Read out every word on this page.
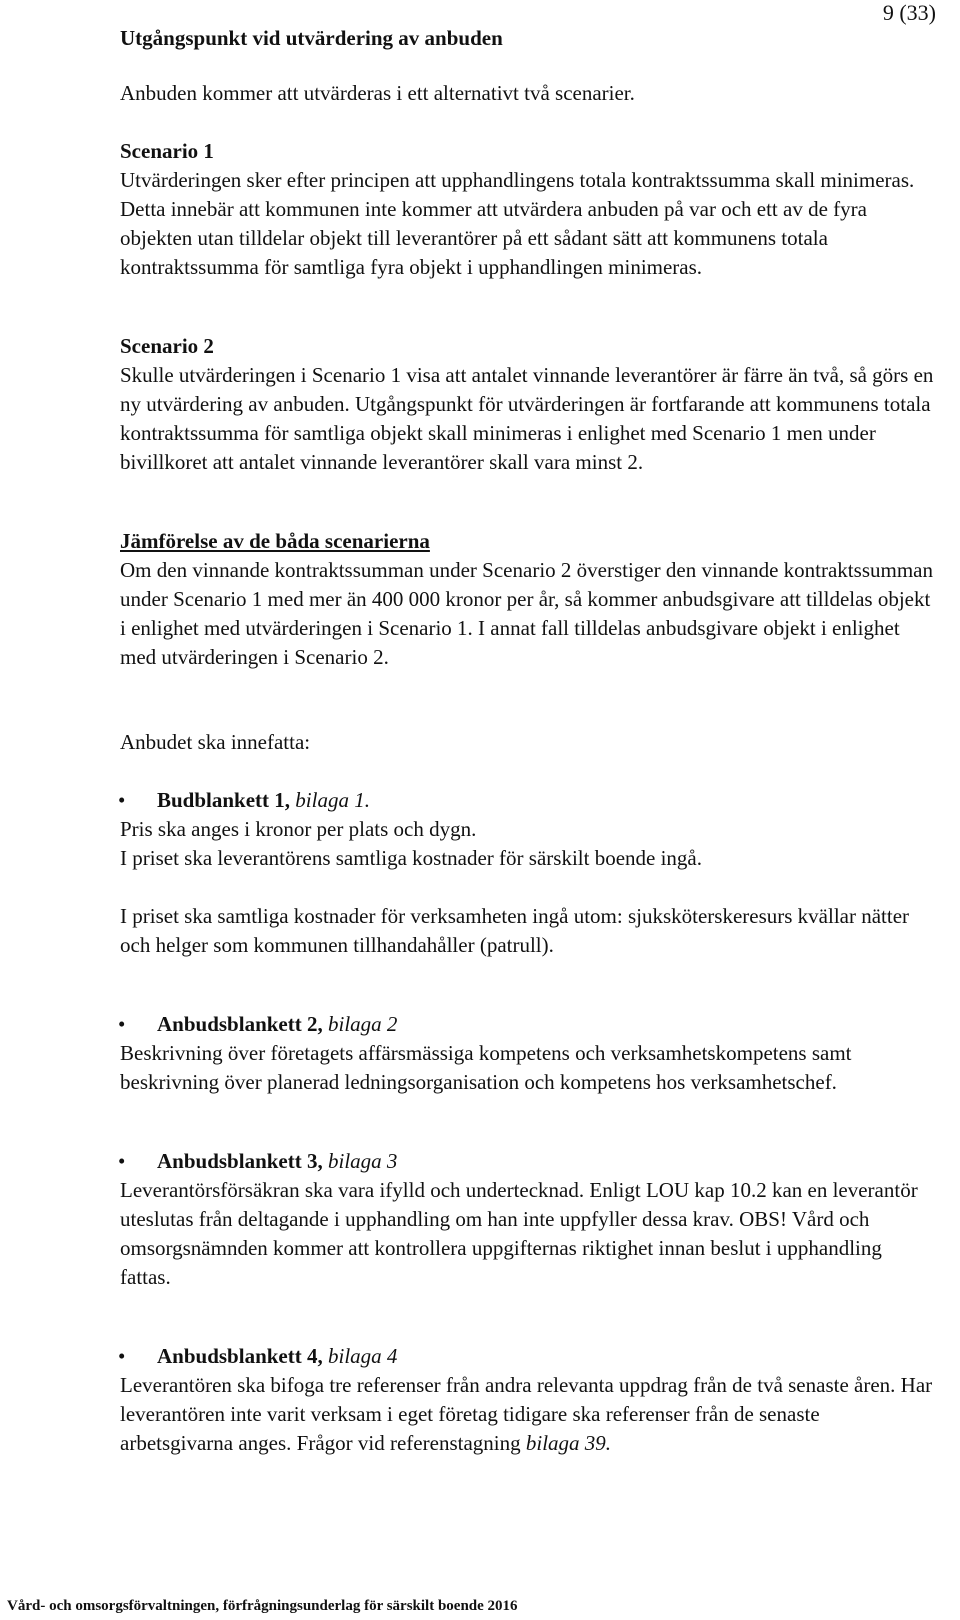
9 (33)

Utgångspunkt vid utvärdering av anbuden

Anbuden kommer att utvärderas i ett alternativt två scenarier.

Scenario 1

Utvärderingen sker efter principen att upphandlingens totala kontraktssumma skall minimeras. Detta innebär att kommunen inte kommer att utvärdera anbuden på var och ett av de fyra objekten utan tilldelar objekt till leverantörer på ett sådant sätt att kommunens totala kontraktssumma för samtliga fyra objekt i upphandlingen minimeras.

Scenario 2

Skulle utvärderingen i Scenario 1 visa att antalet vinnande leverantörer är färre än två, så görs en ny utvärdering av anbuden. Utgångspunkt för utvärderingen är fortfarande att kommunens totala kontraktssumma för samtliga objekt skall minimeras i enlighet med Scenario 1 men under bivillkoret att antalet vinnande leverantörer skall vara minst 2.

Jämförelse av de båda scenarierna

Om den vinnande kontraktssumman under Scenario 2 överstiger den vinnande kontraktssumman under Scenario 1 med mer än 400 000 kronor per år, så kommer anbudsgivare att tilldelas objekt i enlighet med utvärderingen i Scenario 1. I annat fall tilldelas anbudsgivare objekt i enlighet med utvärderingen i Scenario 2.

Anbudet ska innefatta:

• Budblankett 1, bilaga 1.

Pris ska anges i kronor per plats och dygn.

I priset ska leverantörens samtliga kostnader för särskilt boende ingå.

I priset ska samtliga kostnader för verksamheten ingå utom: sjuksköterskeresurs kvällar nätter och helger som kommunen tillhandahåller (patrull).

• Anbudsblankett 2, bilaga 2

Beskrivning över företagets affärsmässiga kompetens och verksamhetskompetens samt beskrivning över planerad ledningsorganisation och kompetens hos verksamhetschef.

• Anbudsblankett 3, bilaga 3

Leverantörsförsäkran ska vara ifylld och undertecknad. Enligt LOU kap 10.2 kan en leverantör uteslutas från deltagande i upphandling om han inte uppfyller dessa krav. OBS! Vård och omsorgsnämnden kommer att kontrollera uppgifternas riktighet innan beslut i upphandling fattas.

• Anbudsblankett 4, bilaga 4

Leverantören ska bifoga tre referenser från andra relevanta uppdrag från de två senaste åren. Har leverantören inte varit verksam i eget företag tidigare ska referenser från de senaste arbetsgivarna anges. Frågor vid referenstagning bilaga 39.

Vård- och omsorgsförvaltningen, förfrågningsunderlag för särskilt boende 2016
